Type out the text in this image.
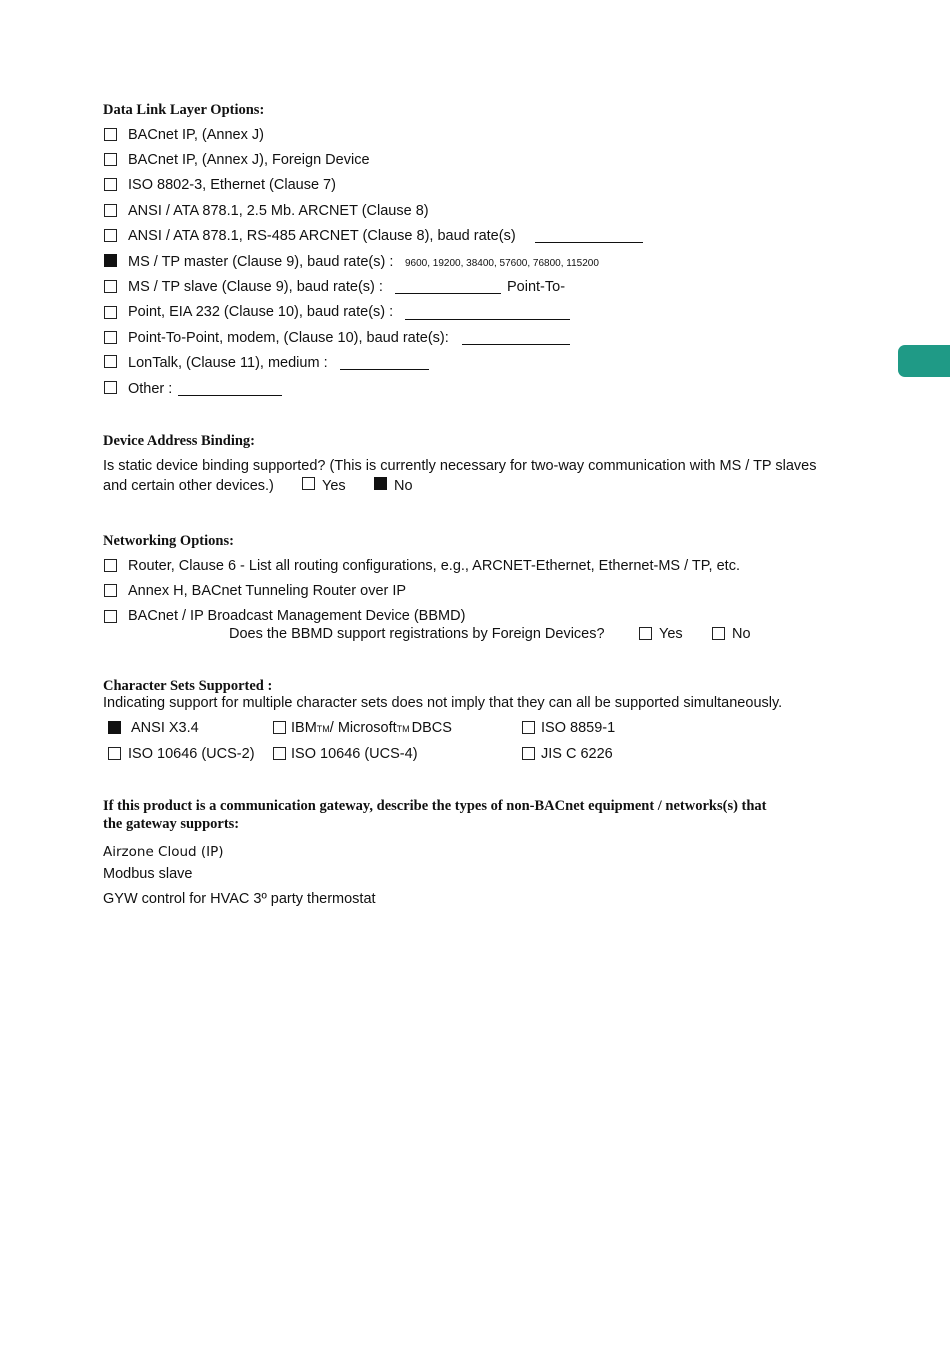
Data Link Layer Options:
BACnet IP, (Annex J)
BACnet IP, (Annex J), Foreign Device
ISO 8802-3, Ethernet (Clause 7)
ANSI / ATA 878.1, 2.5 Mb. ARCNET (Clause 8)
ANSI / ATA 878.1, RS-485 ARCNET (Clause 8), baud rate(s)
MS / TP master (Clause 9), baud rate(s) : 9600, 19200, 38400, 57600, 76800, 115200
MS / TP slave (Clause 9), baud rate(s) :	Point-To-
Point, EIA 232 (Clause 10), baud rate(s) :
Point-To-Point, modem, (Clause 10), baud rate(s):
LonTalk, (Clause 11), medium :
Other :
Device Address Binding:
Is static device binding supported? (This is currently necessary for two-way communication with MS / TP slaves
and certain other devices.)	Yes	No
Networking Options:
Router, Clause 6 - List all routing configurations, e.g., ARCNET-Ethernet, Ethernet-MS / TP, etc.
Annex H, BACnet Tunneling Router over IP
BACnet / IP Broadcast Management Device (BBMD)
Does the BBMD support registrations by Foreign Devices?	Yes	No
Character Sets Supported :
Indicating support for multiple character sets does not imply that they can all be supported simultaneously.
ANSI X3.4	IBMTM/ MicrosoftTM DBCS	ISO 8859-1
ISO 10646 (UCS-2)	ISO 10646 (UCS-4)	JIS C 6226
If this product is a communication gateway, describe the types of non-BACnet equipment / networks(s) that
the gateway supports:
Airzone Cloud (IP)
Modbus slave
GYW control for HVAC 3º party thermostat
